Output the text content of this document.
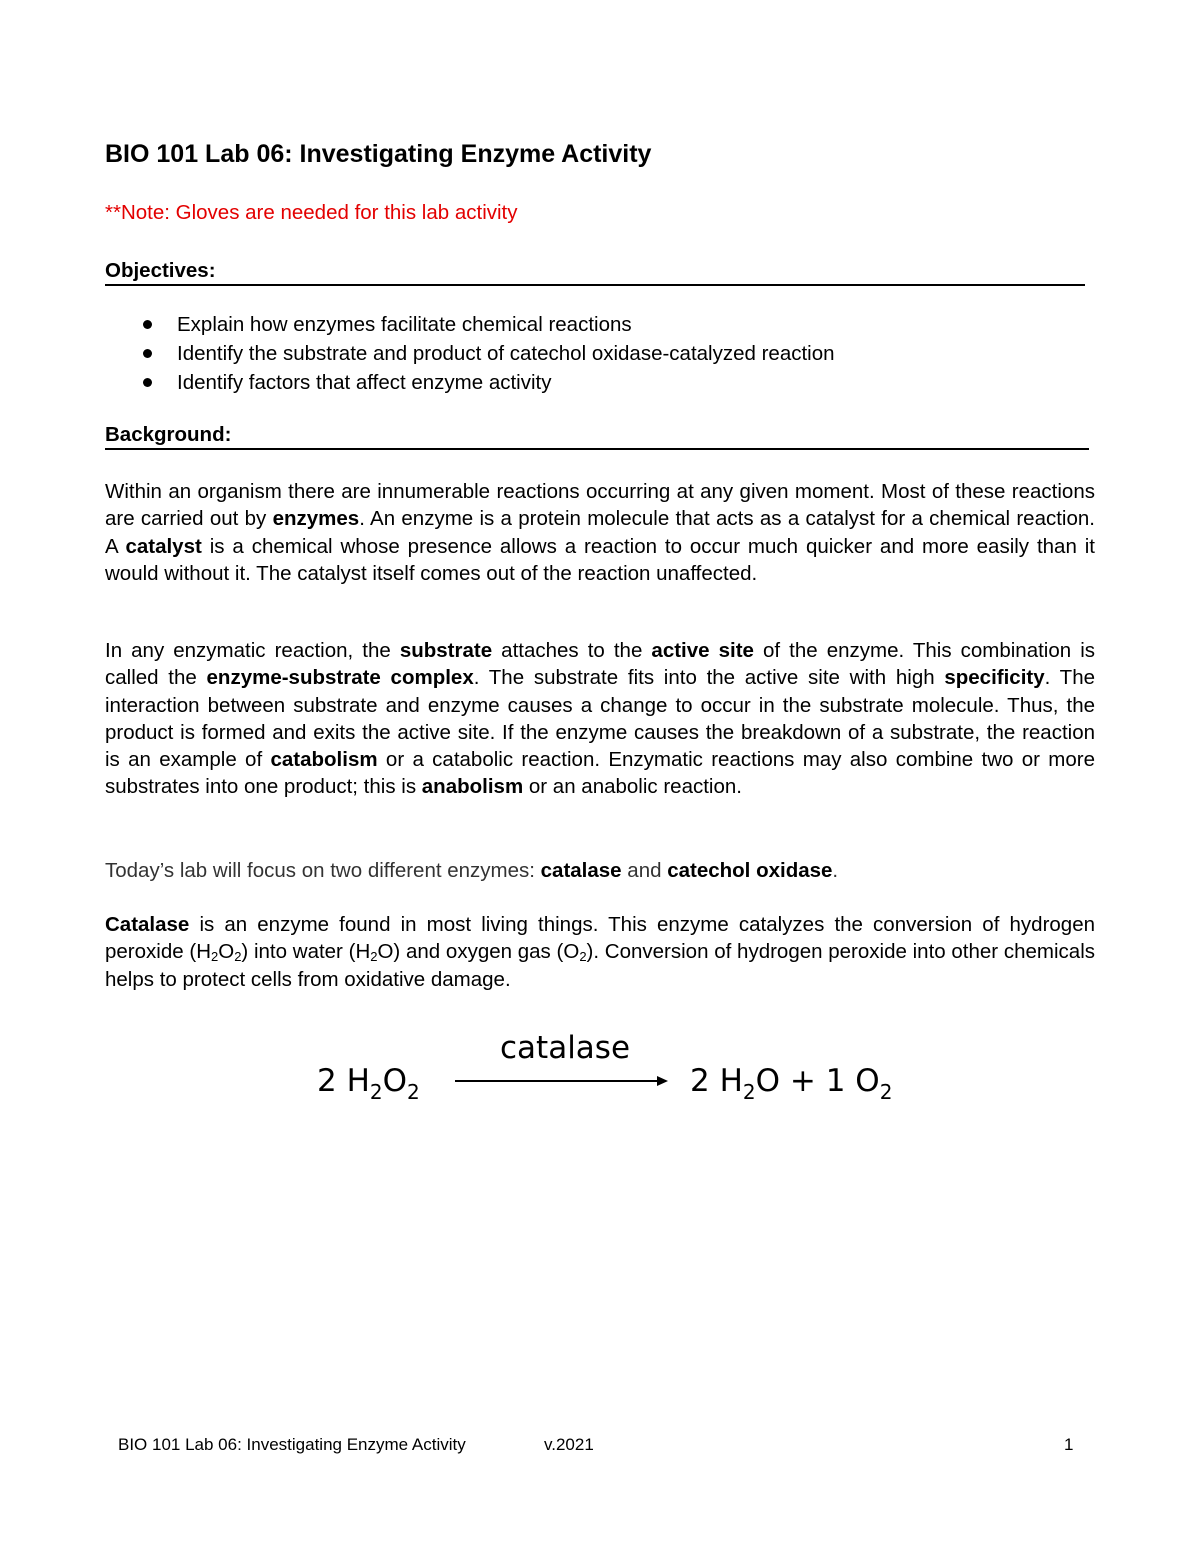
BIO 101 Lab 06: Investigating Enzyme Activity
**Note: Gloves are needed for this lab activity
Objectives:
Explain how enzymes facilitate chemical reactions
Identify the substrate and product of catechol oxidase-catalyzed reaction
Identify factors that affect enzyme activity
Background:

Within an organism there are innumerable reactions occurring at any given moment. Most of these reactions are carried out by enzymes. An enzyme is a protein molecule that acts as a catalyst for a chemical reaction. A catalyst is a chemical whose presence allows a reaction to occur much quicker and more easily than it would without it. The catalyst itself comes out of the reaction unaffected.

In any enzymatic reaction, the substrate attaches to the active site of the enzyme. This combination is called the enzyme-substrate complex. The substrate fits into the active site with high specificity. The interaction between substrate and enzyme causes a change to occur in the substrate molecule. Thus, the product is formed and exits the active site. If the enzyme causes the breakdown of a substrate, the reaction is an example of catabolism or a catabolic reaction. Enzymatic reactions may also combine two or more substrates into one product; this is anabolism or an anabolic reaction.

Today’s lab will focus on two different enzymes: catalase and catechol oxidase.

Catalase is an enzyme found in most living things. This enzyme catalyzes the conversion of hydrogen peroxide $(H_2O_2)$ into water $(H_2O)$ and oxygen gas $(O_2)$. Conversion of hydrogen peroxide into other chemicals helps to protect cells from oxidative damage.

2 $H_2O_2$
catalase
2 $H_2O + 1$ $O_2$
BIO 101 Lab 06: Investigating Enzyme Activity	v.2021	1
